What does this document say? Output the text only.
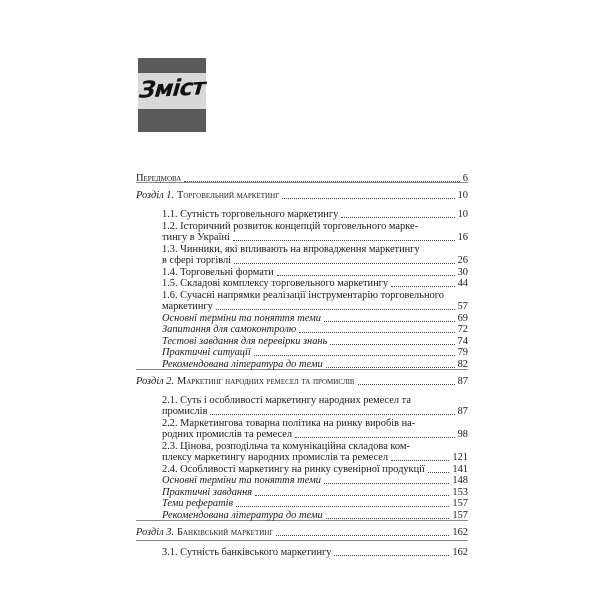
Зміст
Передмова	6
Розділ 1. Торговельний маркетинг	10
1.1. Сутність торговельного маркетингу	10
1.2. Історичний розвиток концепцій торговельного марке-
тингу в Україні	16
1.3. Чинники, які впливають на впровадження маркетингу
в сфері торгівлі	26
1.4. Торговельні формати	30
1.5. Складові комплексу торговельного маркетингу	44
1.6. Сучасні напрямки реалізації інструментарію торговельного
маркетингу	57
Основні терміни та поняття теми	69
Запитання для самоконтролю	72
Тестові завдання для перевірки знань	74
Практичні ситуації	79
Рекомендована література до теми	82
Розділ 2. Маркетинг народних ремесел та промислів	87
2.1. Суть і особливості маркетингу народних ремесел та
промислів	87
2.2. Маркетингова товарна політика на ринку виробів на-
родних промислів та ремесел	98
2.3. Цінова, розподільча та комунікаційна складова ком-
плексу маркетингу народних промислів та ремесел	121
2.4. Особливості маркетингу на ринку сувенірної продукції	141
Основні терміни та поняття теми	148
Практичні завдання	153
Теми рефератів	157
Рекомендована література до теми	157
Розділ 3. Банківський маркетинг	162
3.1. Сутність банківського маркетингу	162
